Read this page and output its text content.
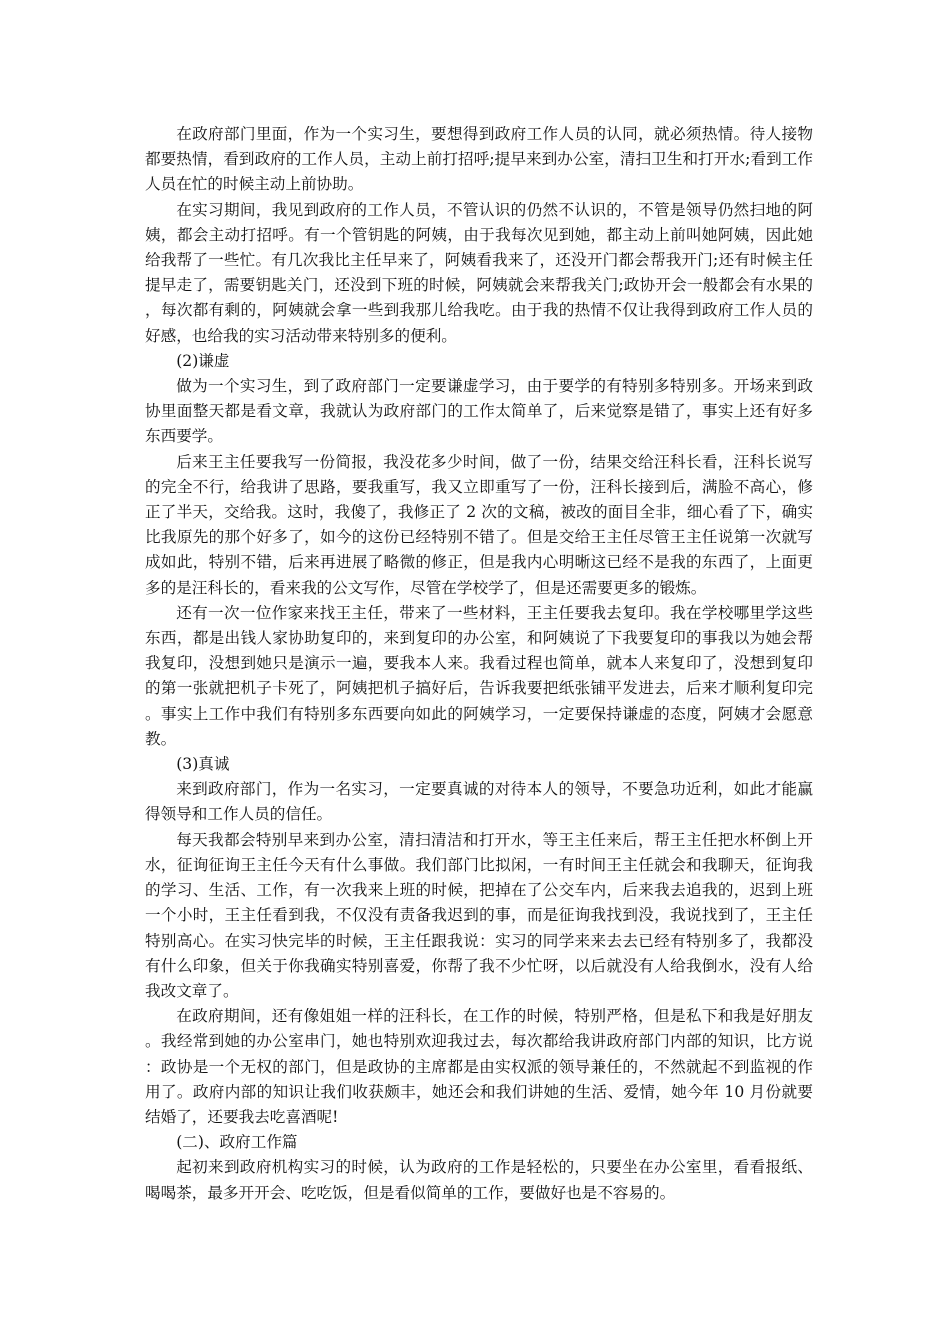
在政府部门里面，作为一个实习生，要想得到政府工作人员的认同，就必须热情。待人接物都要热情，看到政府的工作人员，主动上前打招呼;提早来到办公室，清扫卫生和打开水;看到工作人员在忙的时候主动上前协助。

在实习期间，我见到政府的工作人员，不管认识的仍然不认识的，不管是领导仍然扫地的阿姨，都会主动打招呼。有一个管钥匙的阿姨，由于我每次见到她，都主动上前叫她阿姨，因此她给我帮了一些忙。有几次我比主任早来了，阿姨看我来了，还没开门都会帮我开门;还有时候主任提早走了，需要钥匙关门，还没到下班的时候，阿姨就会来帮我关门;政协开会一般都会有水果的，每次都有剩的，阿姨就会拿一些到我那儿给我吃。由于我的热情不仅让我得到政府工作人员的好感，也给我的实习活动带来特别多的便利。

(2)谦虚

做为一个实习生，到了政府部门一定要谦虚学习，由于要学的有特别多特别多。开场来到政协里面整天都是看文章，我就认为政府部门的工作太简单了，后来觉察是错了，事实上还有好多东西要学。

后来王主任要我写一份简报，我没花多少时间，做了一份，结果交给汪科长看，汪科长说写的完全不行，给我讲了思路，要我重写，我又立即重写了一份，汪科长接到后，满脸不高心，修正了半天，交给我。这时，我傻了，我修正了 2 次的文稿，被改的面目全非，细心看了下，确实比我原先的那个好多了，如今的这份已经特别不错了。但是交给王主任尽管王主任说第一次就写成如此，特别不错，后来再进展了略微的修正，但是我内心明晰这已经不是我的东西了，上面更多的是汪科长的，看来我的公文写作，尽管在学校学了，但是还需要更多的锻炼。

还有一次一位作家来找王主任，带来了一些材料，王主任要我去复印。我在学校哪里学这些东西，都是出钱人家协助复印的，来到复印的办公室，和阿姨说了下我要复印的事我以为她会帮我复印，没想到她只是演示一遍，要我本人来。我看过程也简单，就本人来复印了，没想到复印的第一张就把机子卡死了，阿姨把机子搞好后，告诉我要把纸张铺平发进去，后来才顺利复印完。事实上工作中我们有特别多东西要向如此的阿姨学习，一定要保持谦虚的态度，阿姨才会愿意教。

(3)真诚

来到政府部门，作为一名实习，一定要真诚的对待本人的领导，不要急功近利，如此才能赢得领导和工作人员的信任。

每天我都会特别早来到办公室，清扫清洁和打开水，等王主任来后，帮王主任把水杯倒上开水，征询征询王主任今天有什么事做。我们部门比拟闲，一有时间王主任就会和我聊天，征询我的学习、生活、工作，有一次我来上班的时候，把掉在了公交车内，后来我去追我的，迟到上班一个小时，王主任看到我，不仅没有责备我迟到的事，而是征询我找到没，我说找到了，王主任特别高心。在实习快完毕的时候，王主任跟我说：实习的同学来来去去已经有特别多了，我都没有什么印象，但关于你我确实特别喜爱，你帮了我不少忙呀，以后就没有人给我倒水，没有人给我改文章了。

在政府期间，还有像姐姐一样的汪科长，在工作的时候，特别严格，但是私下和我是好朋友。我经常到她的办公室串门，她也特别欢迎我过去，每次都给我讲政府部门内部的知识，比方说：政协是一个无权的部门，但是政协的主席都是由实权派的领导兼任的，不然就起不到监视的作用了。政府内部的知识让我们收获颇丰，她还会和我们讲她的生活、爱情，她今年 10 月份就要结婚了，还要我去吃喜酒呢!

(二)、政府工作篇

起初来到政府机构实习的时候，认为政府的工作是轻松的，只要坐在办公室里，看看报纸、喝喝茶，最多开开会、吃吃饭，但是看似简单的工作，要做好也是不容易的。
